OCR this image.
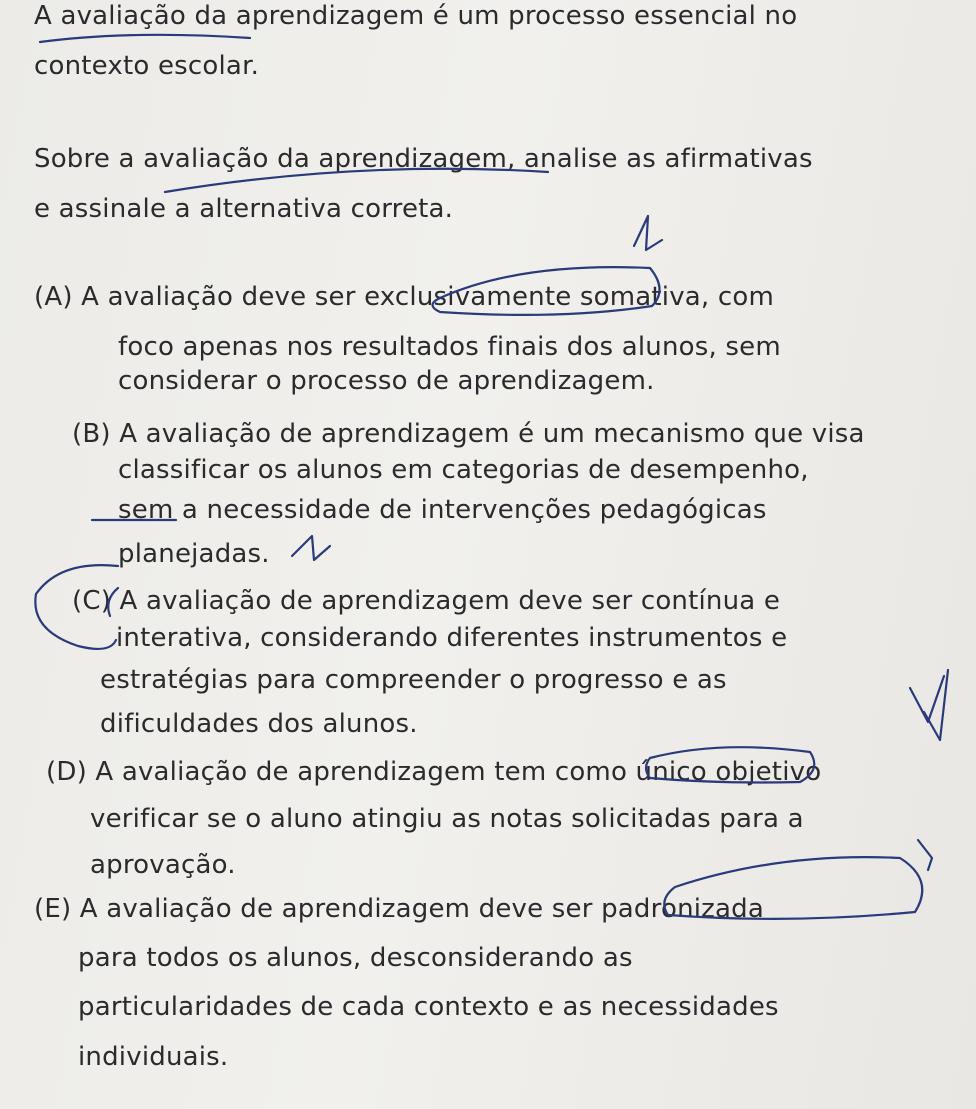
A avaliação da aprendizagem é um processo essencial no
contexto escolar.
Sobre a avaliação da aprendizagem, analise as afirmativas
e assinale a alternativa correta.
(A) A avaliação deve ser exclusivamente somativa, com
foco apenas nos resultados finais dos alunos, sem
considerar o processo de aprendizagem.
(B) A avaliação de aprendizagem é um mecanismo que visa
classificar os alunos em categorias de desempenho,
sem a necessidade de intervenções pedagógicas
planejadas.
(C) A avaliação de aprendizagem deve ser contínua e
interativa, considerando diferentes instrumentos e
estratégias para compreender o progresso e as
dificuldades dos alunos.
(D) A avaliação de aprendizagem tem como único objetivo
verificar se o aluno atingiu as notas solicitadas para a
aprovação.
(E) A avaliação de aprendizagem deve ser padronizada
para todos os alunos, desconsiderando as
particularidades de cada contexto e as necessidades
individuais.
